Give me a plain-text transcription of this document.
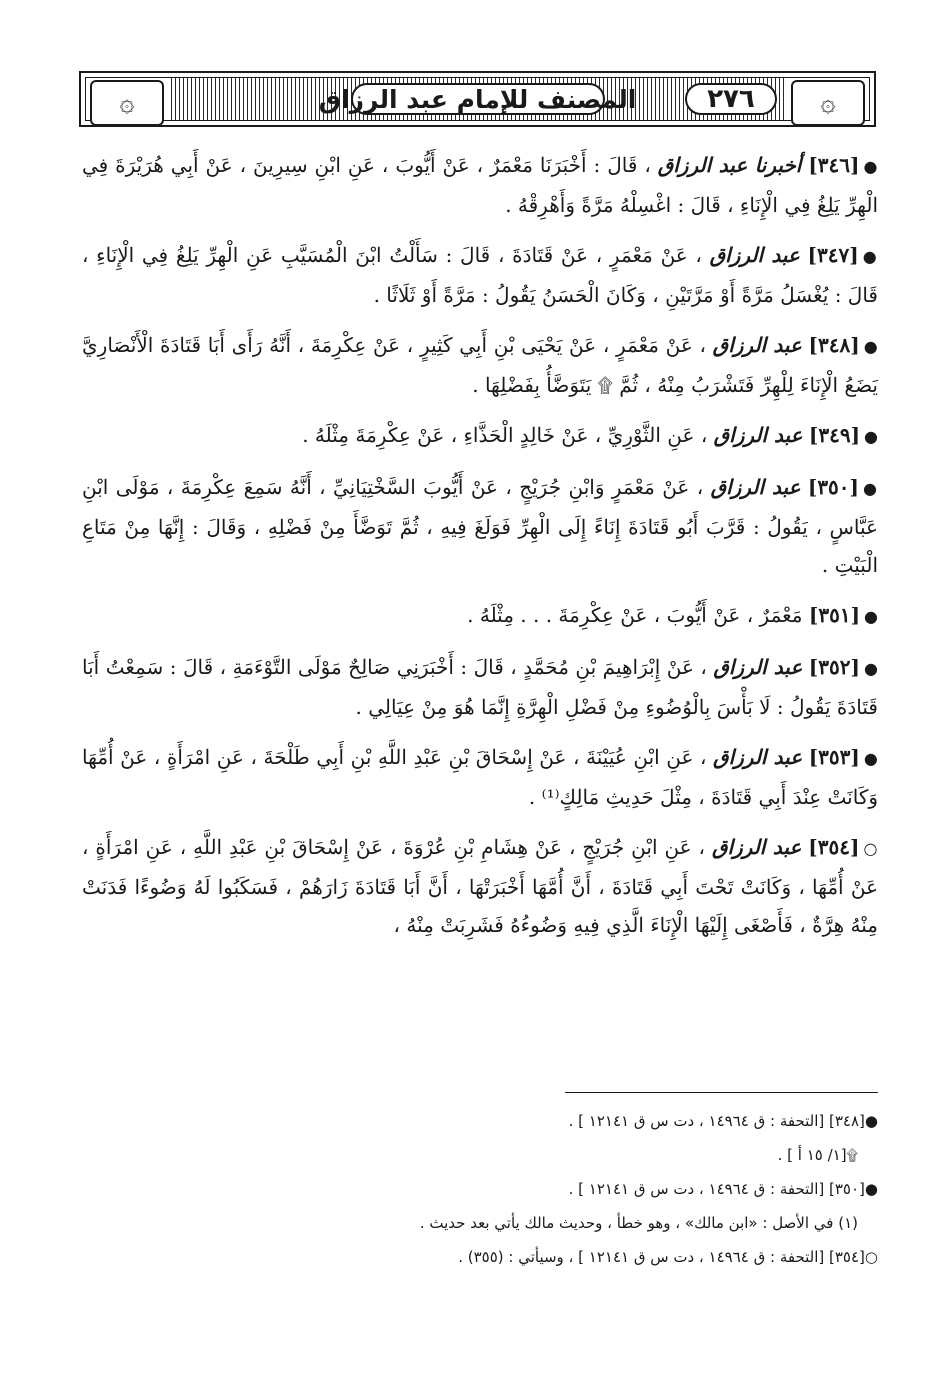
۞	۞
٢٧٦
المصنف للإمام عبد الرزاق

●[٣٤٦] أخبرنا عبد الرزاق ، قَالَ : أَخْبَرَنَا مَعْمَرٌ ، عَنْ أَيُّوبَ ، عَنِ ابْنِ سِيرِينَ ، عَنْ أَبِي هُرَيْرَةَ فِي الْهِرِّ يَلِغُ فِي الْإِنَاءِ ، قَالَ : اغْسِلْهُ مَرَّةً وَأَهْرِقْهُ .

●[٣٤٧] عبد الرزاق ، عَنْ مَعْمَرٍ ، عَنْ قَتَادَةَ ، قَالَ : سَأَلْتُ ابْنَ الْمُسَيَّبِ عَنِ الْهِرِّ يَلِغُ فِي الْإِنَاءِ ، قَالَ : يُغْسَلُ مَرَّةً أَوْ مَرَّتَيْنِ ، وَكَانَ الْحَسَنُ يَقُولُ : مَرَّةً أَوْ ثَلَاثًا .

●[٣٤٨] عبد الرزاق ، عَنْ مَعْمَرٍ ، عَنْ يَحْيَى بْنِ أَبِي كَثِيرٍ ، عَنْ عِكْرِمَةَ ، أَنَّهُ رَأَى أَبَا قَتَادَةَ الْأَنْصَارِيَّ يَضَعُ الْإِنَاءَ لِلْهِرِّ فَتَشْرَبُ مِنْهُ ، ثُمَّ ۩ يَتَوَضَّأُ بِفَضْلِهَا .

●[٣٤٩] عبد الرزاق ، عَنِ الثَّوْرِيِّ ، عَنْ خَالِدٍ الْحَذَّاءِ ، عَنْ عِكْرِمَةَ مِثْلَهُ .

●[٣٥٠] عبد الرزاق ، عَنْ مَعْمَرٍ وَابْنِ جُرَيْجٍ ، عَنْ أَيُّوبَ السَّخْتِيَانِيِّ ، أَنَّهُ سَمِعَ عِكْرِمَةَ ، مَوْلَى ابْنِ عَبَّاسٍ ، يَقُولُ : قَرَّبَ أَبُو قَتَادَةَ إِنَاءً إِلَى الْهِرِّ فَوَلَغَ فِيهِ ، ثُمَّ تَوَضَّأَ مِنْ فَضْلِهِ ، وَقَالَ : إِنَّهَا مِنْ مَتَاعِ الْبَيْتِ .

●[٣٥١] مَعْمَرٌ ، عَنْ أَيُّوبَ ، عَنْ عِكْرِمَةَ . . . مِثْلَهُ .

●[٣٥٢] عبد الرزاق ، عَنْ إِبْرَاهِيمَ بْنِ مُحَمَّدٍ ، قَالَ : أَخْبَرَنِي صَالِحٌ مَوْلَى التَّوْءَمَةِ ، قَالَ : سَمِعْتُ أَبَا قَتَادَةَ يَقُولُ : لَا بَأْسَ بِالْوُضُوءِ مِنْ فَضْلِ الْهِرَّةِ إِنَّمَا هُوَ مِنْ عِيَالِي .

●[٣٥٣] عبد الرزاق ، عَنِ ابْنِ عُيَيْنَةَ ، عَنْ إِسْحَاقَ بْنِ عَبْدِ اللَّهِ بْنِ أَبِي طَلْحَةَ ، عَنِ امْرَأَةٍ ، عَنْ أُمِّهَا وَكَانَتْ عِنْدَ أَبِي قَتَادَةَ ، مِثْلَ حَدِيثِ مَالِكٍ⁽¹⁾ .

○[٣٥٤] عبد الرزاق ، عَنِ ابْنِ جُرَيْجٍ ، عَنْ هِشَامِ بْنِ عُرْوَةَ ، عَنْ إِسْحَاقَ بْنِ عَبْدِ اللَّهِ ، عَنِ امْرَأَةٍ ، عَنْ أُمِّهَا ، وَكَانَتْ تَحْتَ أَبِي قَتَادَةَ ، أَنَّ أُمَّهَا أَخْبَرَتْهَا ، أَنَّ أَبَا قَتَادَةَ زَارَهُمْ ، فَسَكَبُوا لَهُ وَضُوءًا فَدَنَتْ مِنْهُ هِرَّةٌ ، فَأَصْغَى إِلَيْهَا الْإِنَاءَ الَّذِي فِيهِ وَضُوءُهُ فَشَرِبَتْ مِنْهُ ،

●[٣٤٨] [التحفة : ق ١٤٩٦٤ ، دت س ق ١٢١٤١ ] .
۩[١/ ١٥ أ ] .
●[٣٥٠] [التحفة : ق ١٤٩٦٤ ، دت س ق ١٢١٤١ ] .
(١) في الأصل : «ابن مالك» ، وهو خطأ ، وحديث مالك يأتي بعد حديث .
○[٣٥٤] [التحفة : ق ١٤٩٦٤ ، دت س ق ١٢١٤١ ] ، وسيأتي : (٣٥٥) .
